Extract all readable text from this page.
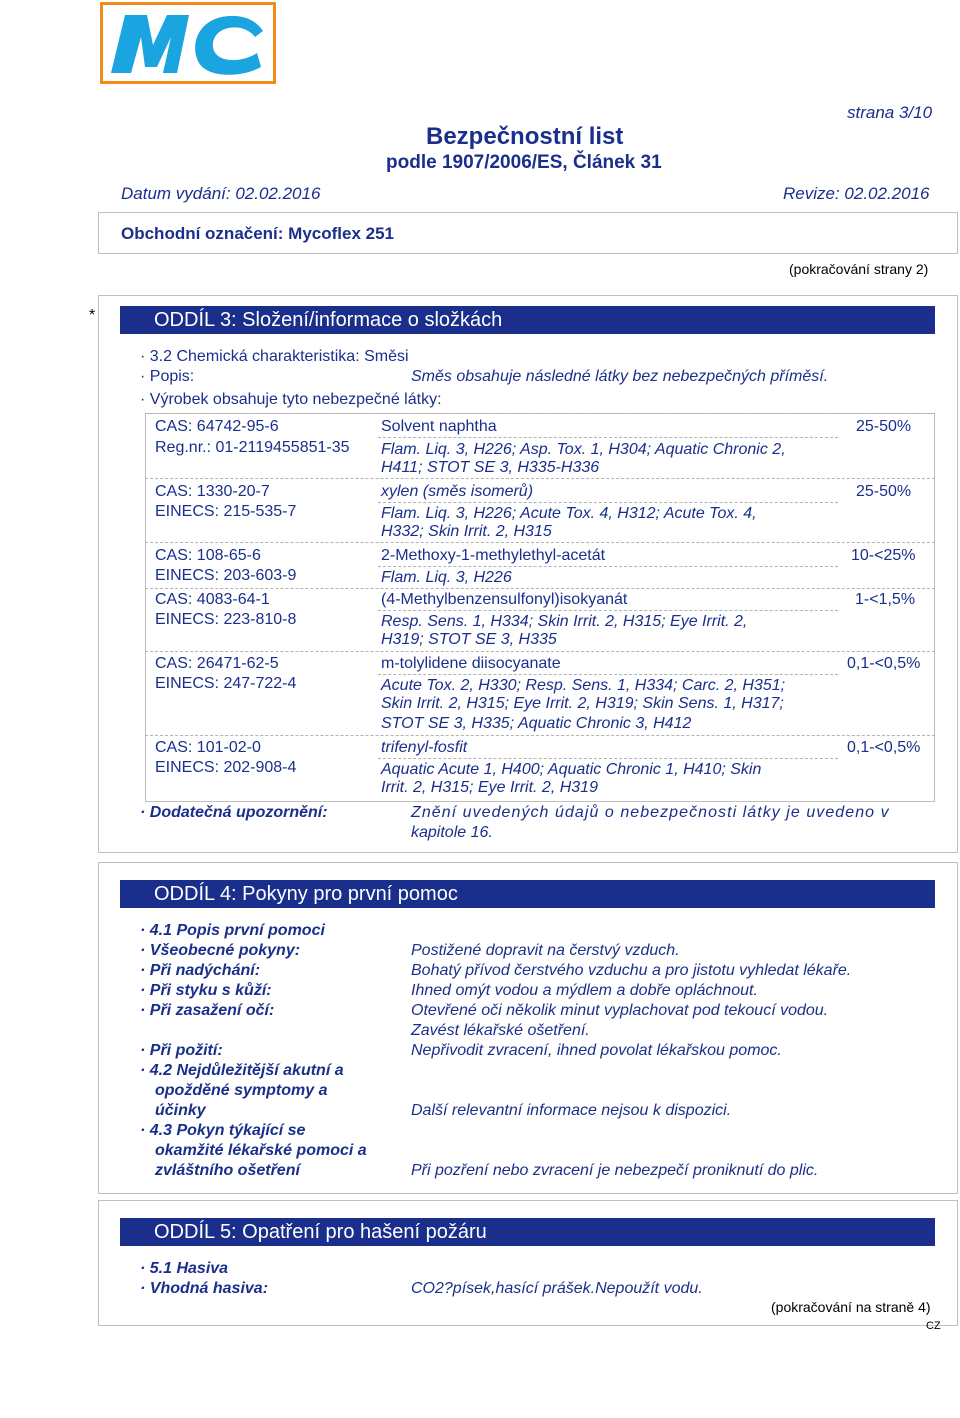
strana 3/10
Bezpečnostní list
podle 1907/2006/ES, Článek 31
Datum vydání: 02.02.2016	Revize: 02.02.2016
Obchodní označení: Mycoflex 251
(pokračování strany 2)
*	ODDÍL 3: Složení/informace o složkách
· 3.2 Chemická charakteristika: Směsi
· Popis:	Směs obsahuje následné látky bez nebezpečných příměsí.
· Výrobek obsahuje tyto nebezpečné látky:
CAS: 64742-95-6
Reg.nr.: 01-2119455851-35
Solvent naphtha
Flam. Liq. 3, H226; Asp. Tox. 1, H304; Aquatic Chronic 2,
H411; STOT SE 3, H335-H336
25-50%
CAS: 1330-20-7
EINECS: 215-535-7
xylen (směs isomerů)
Flam. Liq. 3, H226; Acute Tox. 4, H312; Acute Tox. 4,
H332; Skin Irrit. 2, H315
25-50%
CAS: 108-65-6
EINECS: 203-603-9
2-Methoxy-1-methylethyl-acetát
Flam. Liq. 3, H226
10-<25%
CAS: 4083-64-1
EINECS: 223-810-8
(4-Methylbenzensulfonyl)isokyanát
Resp. Sens. 1, H334; Skin Irrit. 2, H315; Eye Irrit. 2,
H319; STOT SE 3, H335
1-<1,5%
CAS: 26471-62-5
EINECS: 247-722-4
m-tolylidene diisocyanate
Acute Tox. 2, H330; Resp. Sens. 1, H334; Carc. 2, H351;
Skin Irrit. 2, H315; Eye Irrit. 2, H319; Skin Sens. 1, H317;
STOT SE 3, H335; Aquatic Chronic 3, H412
0,1-<0,5%
CAS: 101-02-0
EINECS: 202-908-4
trifenyl-fosfit
Aquatic Acute 1, H400; Aquatic Chronic 1, H410; Skin
Irrit. 2, H315; Eye Irrit. 2, H319
0,1-<0,5%
· Dodatečná upozornění:	Znění uvedených údajů o nebezpečnosti látky je uvedeno v
kapitole 16.
ODDÍL 4: Pokyny pro první pomoc
· 4.1 Popis první pomoci
· Všeobecné pokyny:	Postižené dopravit na čerstvý vzduch.
· Při nadýchání:	Bohatý přívod čerstvého vzduchu a pro jistotu vyhledat lékaře.
· Při styku s kůží:	Ihned omýt vodou a mýdlem a dobře opláchnout.
· Při zasažení očí:	Otevřené oči několik minut vyplachovat pod tekoucí vodou.
Zavést lékařské ošetření.
· Při požití:	Nepřivodit zvracení, ihned povolat lékařskou pomoc.
· 4.2 Nejdůležitější akutní a
opožděné symptomy a
účinky	Další relevantní informace nejsou k dispozici.
· 4.3 Pokyn týkající se
okamžité lékařské pomoci a
zvláštního ošetření	Při pozření nebo zvracení je nebezpečí proniknutí do plic.
ODDÍL 5: Opatření pro hašení požáru
· 5.1 Hasiva
· Vhodná hasiva:	CO2?písek,hasící prášek.Nepoužít vodu.
(pokračování na straně 4)
CZ
